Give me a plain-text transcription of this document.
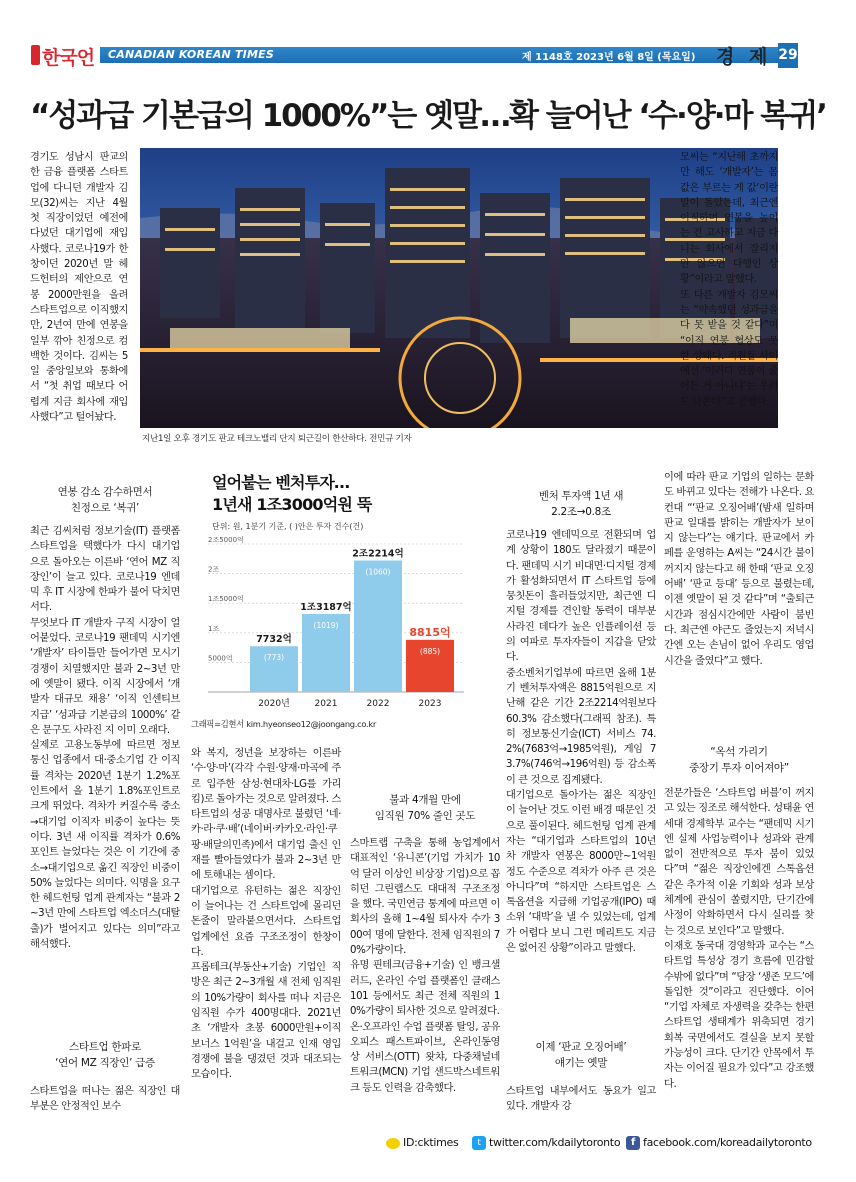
한국언 CANADIAN KOREAN TIMES	제 1148호 2023년 6월 8일 (목요일) 경 제 29
“성과급 기본급의 1000%”는 옛말…확 늘어난 ‘수·양·마 복귀’
지난1일 오후 경기도 판교 테크노밸리 단지 퇴근길이 한산하다. 전민규 기자
경기도 성남시 판교의 한 금융 플랫폼 스타트업에 다니던 개발자 김모(32)씨는 지난 4월 첫 직장이었던 예전에 다녔던 대기업에 재입사했다. 코로나19가 한창이던 2020년 말 헤드헌터의 제안으로 연봉 2000만원을 올려 스타트업으로 이직했지만, 2년여 만에 연봉을 일부 깎아 친정으로 컴백한 것이다. 김씨는 5일 중앙일보와 통화에서 “첫 취업 때보다 어렵게 지금 회사에 재입사했다”고 털어놨다.
연봉 감소 감수하면서
친정으로 ‘복귀’
최근 김씨처럼 정보기술(IT) 플랫폼 스타트업을 택했다가 다시 대기업으로 돌아오는 이른바 ‘연어 MZ 직장인’이 늘고 있다. 코로나19 엔데믹 후 IT 시장에 한파가 불어 닥치면서다.
무엇보다 IT 개발자 구직 시장이 얼어붙었다. 코로나19 팬데믹 시기엔 ‘개발자’ 타이틀만 들어가면 모시기 경쟁이 치열했지만 불과 2~3년 만에 옛말이 됐다. 이직 시장에서 ‘개발자 대규모 채용’ ‘이직 인센티브 지급’ ‘성과급 기본급의 1000%’ 같은 문구도 사라진 지 이미 오래다.
실제로 고용노동부에 따르면 정보통신 업종에서 대·중소기업 간 이직률 격차는 2020년 1분기 1.2%포인트에서 올 1분기 1.8%포인트로 크게 뛰었다. 격차가 커질수록 중소→대기업 이직자 비중이 높다는 뜻이다. 3년 새 이직률 격차가 0.6%포인트 늘었다는 것은 이 기간에 중소→대기업으로 옮긴 직장인 비중이 50% 늘었다는 의미다. 익명을 요구한 헤드헌팅 업계 관계자는 “불과 2~3년 만에 스타트업 엑소더스(대탈출)가 벌어지고 있다는 의미”라고 해석했다.
스타트업 한파로
‘연어 MZ 직장인’ 급증
스타트업을 떠나는 젊은 직장인 대부분은 안정적인 보수
얼어붙는 벤처투자…
1년새 1조3000억원 뚝
단위: 원, 1분기 기준, ( )안은 투자 건수(건)
2조5000억
2조
1조5000억
1조
5000억
7732억
(773)
2020년
1조3187억
(1019)
2021
2조2214억
(1060)
2022
8815억
(885)
2023
그래픽=김현서 kim.hyeonseo12@joongang.co.kr
와 복지, 정년을 보장하는 이른바 ‘수·양·마’(각각 수원·양재·마곡에 주로 입주한 삼성·현대차·LG를 가리킴)로 돌아가는 것으로 알려졌다. 스타트업의 성공 대명사로 불렸던 ‘네·카·라·쿠·배’(네이버·카카오·라인·쿠팡·배달의민족)에서 대기업 출신 인재를 빨아들였다가 불과 2~3년 만에 토해내는 셈이다.
대기업으로 유턴하는 젊은 직장인이 늘어나는 건 스타트업에 몰리던 돈줄이 말라붙으면서다. 스타트업 업계에선 요즘 구조조정이 한창이다.
프롭테크(부동산+기술) 기업인 직방은 최근 2~3개월 새 전체 임직원의 10%가량이 회사를 떠나 지금은 임직원 수가 400명대다. 2021년 초 ‘개발자 초봉 6000만원+이직 보너스 1억원’을 내걸고 인재 영입 경쟁에 불을 댕겼던 것과 대조되는 모습이다.
벤처 투자액 1년 새
2.2조→0.8조
코로나19 엔데믹으로 전환되며 업계 상황이 180도 달라졌기 때문이다. 팬데믹 시기 비대면·디지털 경제가 활성화되면서 IT 스타트업 등에 뭉칫돈이 흘러들었지만, 최근엔 디지털 경제를 견인할 동력이 대부분 사라진 데다가 높은 인플레이션 등의 여파로 투자자들이 지갑을 닫았다.
중소벤처기업부에 따르면 올해 1분기 벤처투자액은 8815억원으로 지난해 같은 기간 2조2214억원보다 60.3% 감소했다(그래픽 참조). 특히 정보통신기술(ICT) 서비스 74.2%(7683억→1985억원), 게임 73.7%(746억→196억원) 등 감소폭이 큰 것으로 집계됐다.
대기업으로 돌아가는 젊은 직장인이 늘어난 것도 이런 배경 때문인 것으로 풀이된다. 헤드헌팅 업계 관계자는 “대기업과 스타트업의 10년 차 개발자 연봉은 8000만~1억원 정도 수준으로 격차가 아주 큰 것은 아니다”며 “하지만 스타트업은 스톡옵션을 지급해 기업공개(IPO) 때 소위 ‘대박’을 낼 수 있었는데, 업계가 어렵다 보니 그런 메리트도 지금은 없어진 상황”이라고 말했다.
불과 4개월 만에
임직원 70% 줄인 곳도
스마트랩 구축을 통해 농업계에서 대표적인 ‘유니콘’(기업 가치가 10억 달러 이상인 비상장 기업)으로 꼽히던 그린랩스도 대대적 구조조정을 했다. 국민연금 통계에 따르면 이 회사의 올해 1~4월 퇴사자 수가 300여 명에 달한다. 전체 임직원의 70%가량이다.
유명 핀테크(금융+기술) 인 뱅크샐러드, 온라인 수업 플랫폼인 클래스101 등에서도 최근 전체 직원의 10%가량이 퇴사한 것으로 알려졌다.
온·오프라인 수업 플랫폼 탈잉, 공유오피스 패스트파이브, 온라인동영상 서비스(OTT) 왓챠, 다중채널네트워크(MCN) 기업 샌드박스네트워크 등도 인력을 감축했다.
이제 ‘판교 오징어배’
얘기는 옛말
스타트업 내부에서도 동요가 일고 있다. 개발자 강
모씨는 “지난해 초까지만 해도 ‘개발자’는 몸값은 부르는 게 값’이란 말이 돌았는데, 최근엔 이직하며 연봉을 높이는 건 고사하고 지금 다니는 회사에서 잘리지만 않으면 다행인 상황”이라고 말했다.
또 다른 개발자 김모씨는 “약속했던 성과급을 다 못 받을 것 같다”며 “이직 연봉 협상도 못한 상태다. 직원들 사이에선 ‘이러다 연봉이 줄어든 거 아니냐’는 우려도 나온다”고 전했다.
이에 따라 판교 기업의 일하는 문화도 바뀌고 있다는 전해가 나온다. 요컨대 “‘판교 오징어배’(밤새 일하며 판교 일대를 밝히는 개발자가 보이지 않는다”는 얘기다. 판교에서 카페를 운영하는 A씨는 “24시간 불이 꺼지지 않는다고 해 한때 ‘판교 오징어배’ ‘판교 등대’ 등으로 불렸는데, 이젠 옛말이 된 것 같다”며 “출퇴근 시간과 점심시간에만 사람이 붐빈다. 최근엔 야근도 줄었는지 저녁시간엔 오는 손님이 없어 우리도 영업시간을 줄였다”고 했다.
“옥석 가리기
중장기 투자 이어져야”
전문가들은 ‘스타트업 버블’이 꺼지고 있는 징조로 해석한다. 성태윤 연세대 경제학부 교수는 “팬데믹 시기엔 실제 사업능력이나 성과와 관계없이 전반적으로 투자 붐이 있었다”며 “젊은 직장인에겐 스톡옵션 같은 추가적 이윤 기회와 성과 보상 체계에 관심이 쏠렸지만, 단기간에 사정이 악화하면서 다시 실리를 찾는 것으로 보인다”고 말했다.
이재호 동국대 경영학과 교수는 “스타트업 특성상 경기 흐름에 민감할 수밖에 없다”며 “당장 ‘생존 모드’에 돌입한 것”이라고 진단했다. 이어 “기업 자체로 자생력을 갖추는 한편 스타트업 생태계가 위축되면 경기 회복 국면에서도 결실을 보지 못할 가능성이 크다. 단기간 안목에서 투자는 이어질 필요가 있다”고 강조했다.
ID:cktimes	t twitter.com/kdailytoronto	f facebook.com/koreadailytoronto
